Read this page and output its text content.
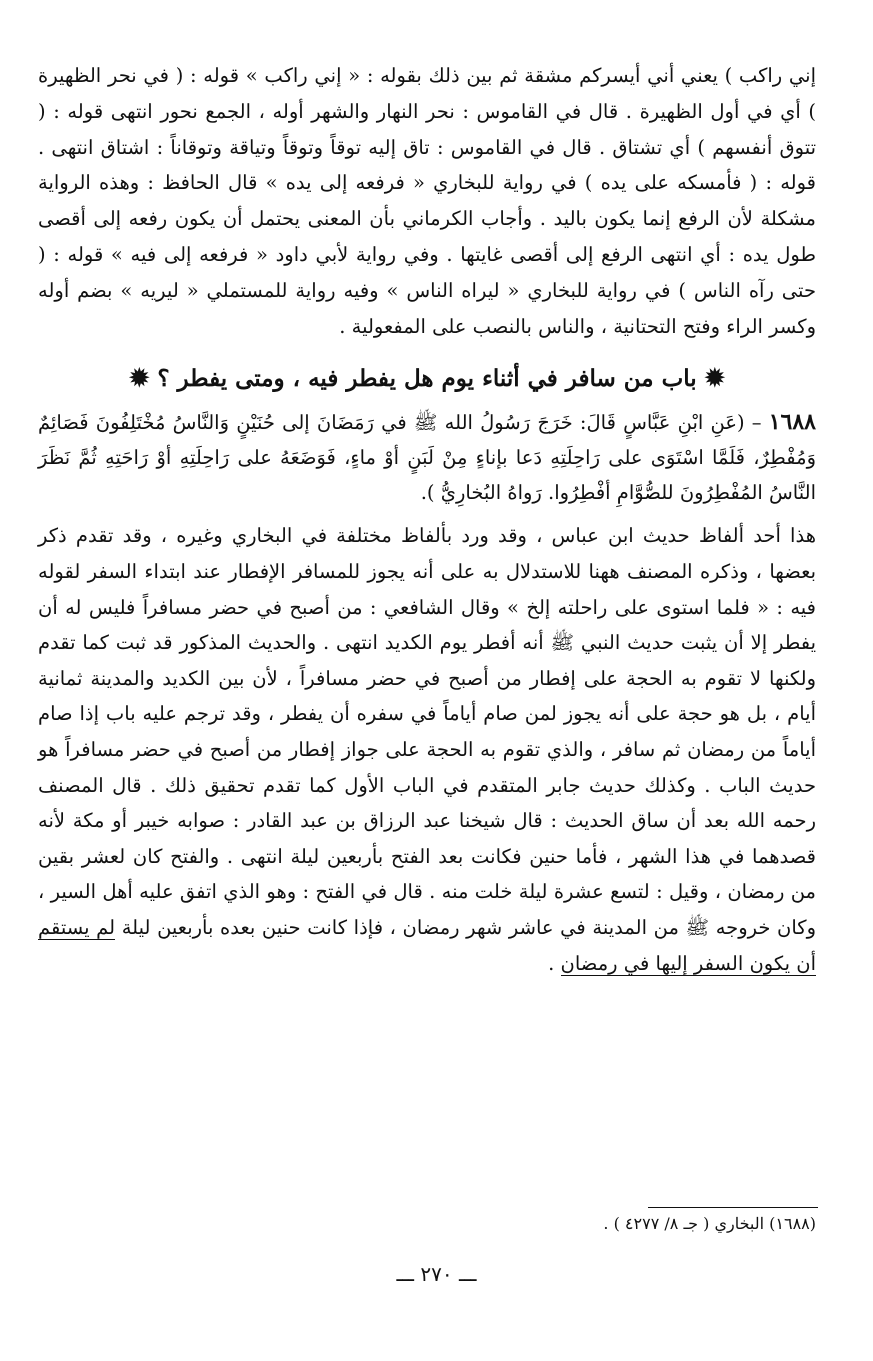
إني راكب ) يعني أني أيسركم مشقة ثم بين ذلك بقوله : « إني راكب » قوله : ( في نحر الظهيرة ) أي في أول الظهيرة . قال في القاموس : نحر النهار والشهر أوله ، الجمع نحور انتهى قوله : ( تتوق أنفسهم ) أي تشتاق . قال في القاموس : تاق إليه توقاً وتوقاً وتياقة وتوقاناً : اشتاق انتهى . قوله : ( فأمسكه على يده ) في رواية للبخاري « فرفعه إلى يده » قال الحافظ : وهذه الرواية مشكلة لأن الرفع إنما يكون باليد . وأجاب الكرماني بأن المعنى يحتمل أن يكون رفعه إلى أقصى طول يده : أي انتهى الرفع إلى أقصى غايتها . وفي رواية لأبي داود « فرفعه إلى فيه » قوله : ( حتى رآه الناس ) في رواية للبخاري « ليراه الناس » وفيه رواية للمستملي « ليريه » بضم أوله وكسر الراء وفتح التحتانية ، والناس بالنصب على المفعولية .

✹ باب من سافر في أثناء يوم هل يفطر فيه ، ومتى يفطر ؟ ✹

١٦٨٨ – (عَنِ ابْنِ عَبَّاسٍ قَالَ: خَرَجَ رَسُولُ الله ﷺ في رَمَضَانَ إلى حُنَيْنٍ وَالنَّاسُ مُخْتَلِفُونَ فَصَائِمٌ وَمُفْطِرٌ، فَلَمَّا اسْتَوَى على رَاحِلَتِهِ دَعا بإناءٍ مِنْ لَبَنٍ أوْ ماءٍ، فَوَضَعَهُ على رَاحِلَتِهِ أوْ رَاحَتِهِ ثُمَّ نَظَرَ النَّاسُ المُفْطِرُونَ للصُّوَّامِ أفْطِرُوا. رَواهُ البُخارِيُّ ).

هذا أحد ألفاظ حديث ابن عباس ، وقد ورد بألفاظ مختلفة في البخاري وغيره ، وقد تقدم ذكر بعضها ، وذكره المصنف ههنا للاستدلال به على أنه يجوز للمسافر الإفطار عند ابتداء السفر لقوله فيه : « فلما استوى على راحلته إلخ » وقال الشافعي : من أصبح في حضر مسافراً فليس له أن يفطر إلا أن يثبت حديث النبي ﷺ أنه أفطر يوم الكديد انتهى . والحديث المذكور قد ثبت كما تقدم ولكنها لا تقوم به الحجة على إفطار من أصبح في حضر مسافراً ، لأن بين الكديد والمدينة ثمانية أيام ، بل هو حجة على أنه يجوز لمن صام أياماً في سفره أن يفطر ، وقد ترجم عليه باب إذا صام أياماً من رمضان ثم سافر ، والذي تقوم به الحجة على جواز إفطار من أصبح في حضر مسافراً هو حديث الباب . وكذلك حديث جابر المتقدم في الباب الأول كما تقدم تحقيق ذلك . قال المصنف رحمه الله بعد أن ساق الحديث : قال شيخنا عبد الرزاق بن عبد القادر : صوابه خيبر أو مكة لأنه قصدهما في هذا الشهر ، فأما حنين فكانت بعد الفتح بأربعين ليلة انتهى . والفتح كان لعشر بقين من رمضان ، وقيل : لتسع عشرة ليلة خلت منه . قال في الفتح : وهو الذي اتفق عليه أهل السير ، وكان خروجه ﷺ من المدينة في عاشر شهر رمضان ، فإذا كانت حنين بعده بأربعين ليلة لم يستقم أن يكون السفر إليها في رمضان .

(١٦٨٨) البخاري ( جـ ٨/ ٤٢٧٧ ) .
ـــ ٢٧٠ ـــ
